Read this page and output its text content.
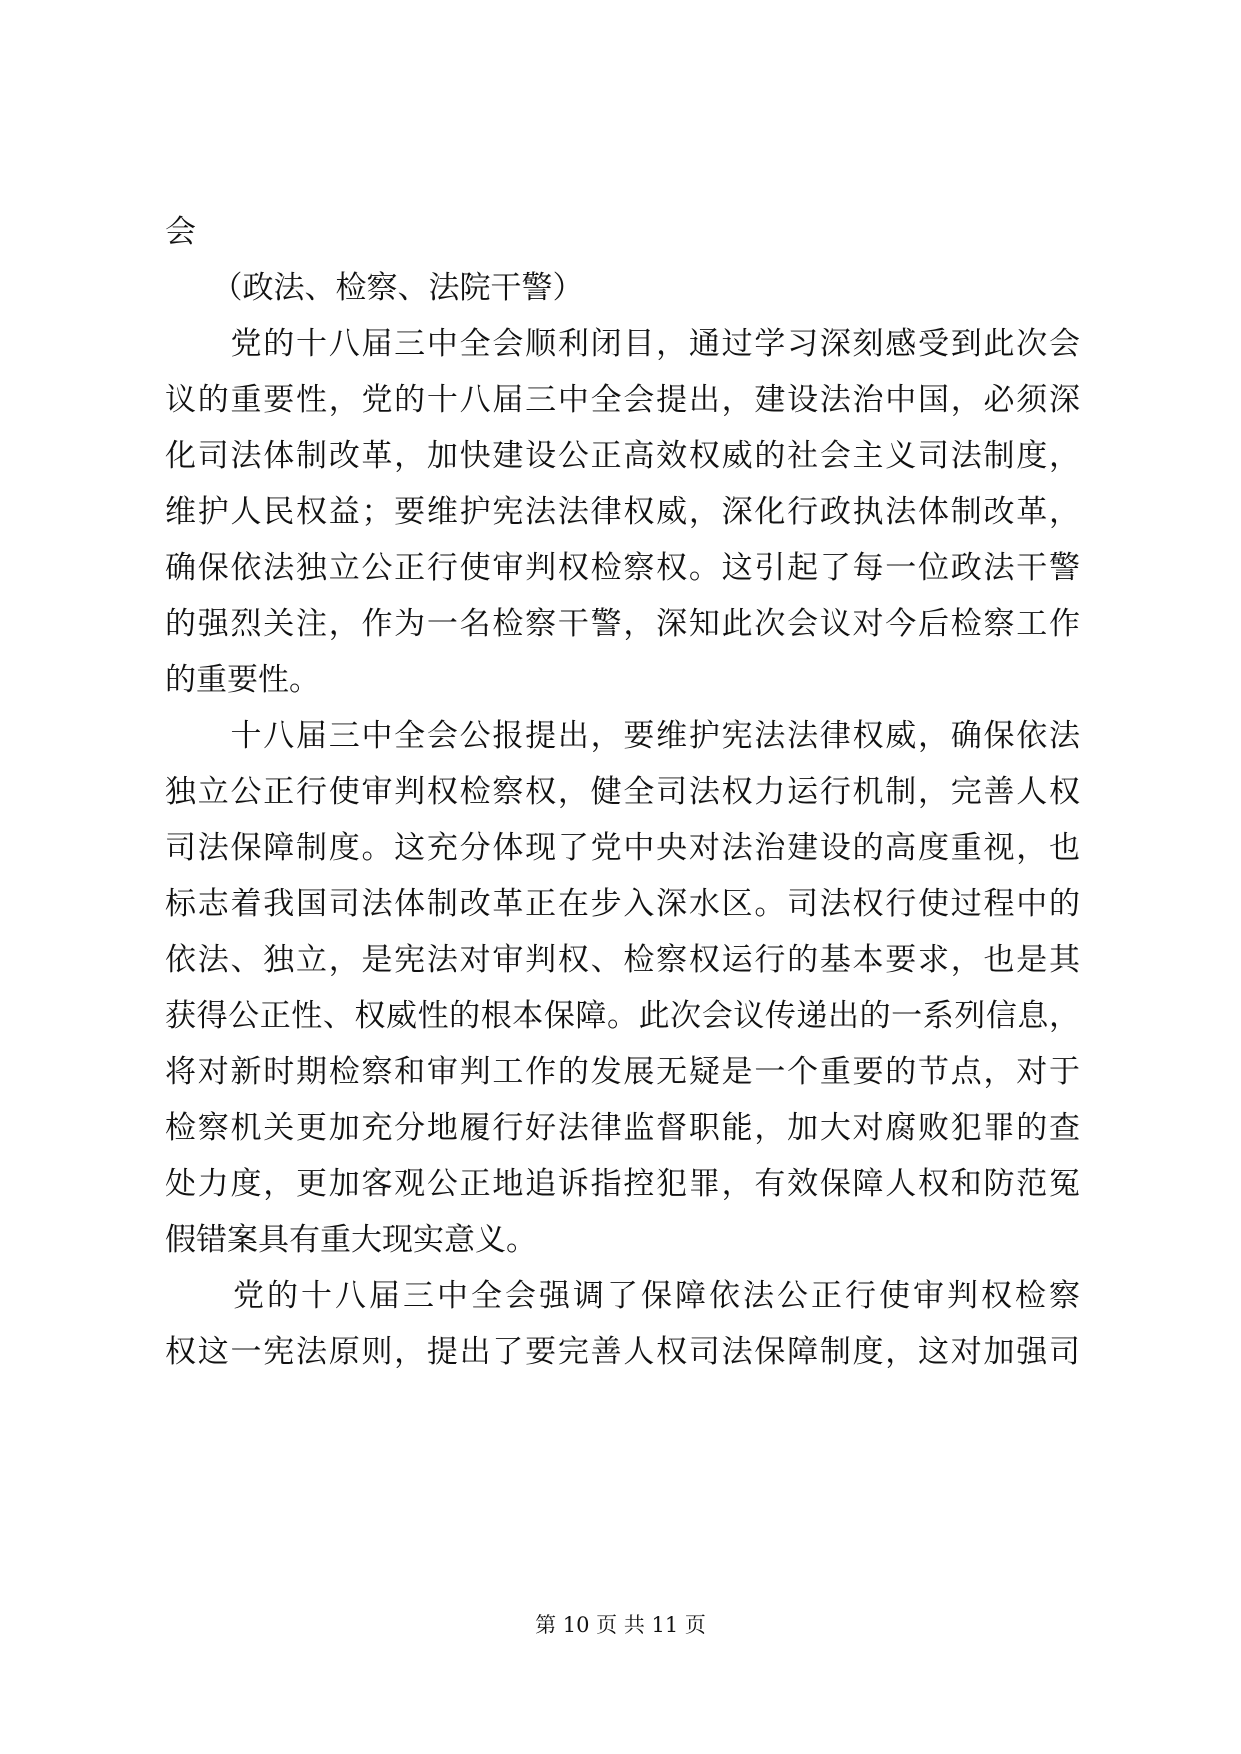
会
　　（政法、检察、法院干警）
　　党的十八届三中全会顺利闭目，通过学习深刻感受到此次会
议的重要性，党的十八届三中全会提出，建设法治中国，必须深
化司法体制改革，加快建设公正高效权威的社会主义司法制度，
维护人民权益；要维护宪法法律权威，深化行政执法体制改革，
确保依法独立公正行使审判权检察权。这引起了每一位政法干警
的强烈关注，作为一名检察干警，深知此次会议对今后检察工作
的重要性。
　　十八届三中全会公报提出，要维护宪法法律权威，确保依法
独立公正行使审判权检察权，健全司法权力运行机制，完善人权
司法保障制度。这充分体现了党中央对法治建设的高度重视，也
标志着我国司法体制改革正在步入深水区。司法权行使过程中的
依法、独立，是宪法对审判权、检察权运行的基本要求，也是其
获得公正性、权威性的根本保障。此次会议传递出的一系列信息，
将对新时期检察和审判工作的发展无疑是一个重要的节点，对于
检察机关更加充分地履行好法律监督职能，加大对腐败犯罪的查
处力度，更加客观公正地追诉指控犯罪，有效保障人权和防范冤
假错案具有重大现实意义。
　　党的十八届三中全会强调了保障依法公正行使审判权检察
权这一宪法原则，提出了要完善人权司法保障制度，这对加强司
第 10 页 共 11 页
